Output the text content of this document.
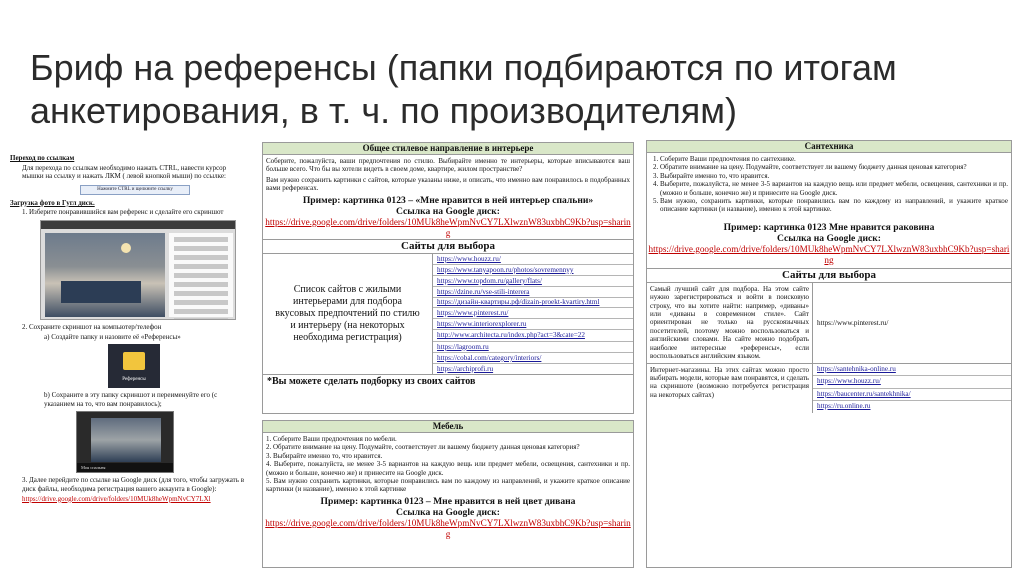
Бриф на референсы (папки подбираются по итогам анкетирования, в т. ч. по производителям)

Переход по ссылкам

Для перехода по ссылкам необходимо нажать CTRL, навести курсор мышки на ссылку и нажать ЛКМ ( левой кнопкой мыши) по ссылке:

Нажмите CTRL и щелкните ссылку

Загрузка фото в Гугл диск.

1. Изберите понравившийся вам референс и сделайте его скриншот

2. Сохраните скриншот на компьютер/телефон

а) Создайте папку и назовите её «Референсы»

Референсы

b) Сохраните в эту папку скриншот и переименуйте его (с указанием на то, что вам понравилось);

Моя спальня

3. Далее перейдите по ссылке на Google диск (для того, чтобы загружать в диск файлы, необходима регистрация вашего аккаунта в Google):

https://drive.google.com/drive/folders/10MUk8heWpmNvCY7LXl

Общее стилевое направление в интерьере
Соберите, пожалуйста, ваши предпочтения по стилю. Выбирайте именно те интерьеры, которые вписываются ваш больше всего. Что бы вы хотели видеть в своем доме, квартире, жилом пространстве?
Вам нужно сохранить картинки с сайтов, которые указаны ниже, и описать, что именно вам понравилось в подобранных вами референсах.
Пример: картинка 0123 – «Мне нравится в ней интерьер спальни»
Ссылка на Google диск:
https://drive.google.com/drive/folders/10MUk8heWpmNvCY7LXlwznW83uxbhC9Kb?usp=sharing
Сайты для выбора
Список сайтов с жилыми интерьерами для подбора вкусовых предпочтений по стилю и интерьеру (на некоторых необходима регистрация)
https://www.houzz.ru/
https://www.tanyapoon.ru/photos/sovremennyy
https://www.topdom.ru/gallery/flats/
https://dzine.ru/vse-stili-interera
https://дизайн-квартиры.рф/dizain-proekt-kvartiry.html
https://www.pinterest.ru/
https://www.interiorexplorer.ru
http://www.architecta.ru/index.php?act=3&cate=22
https://lagroom.ru
https://cobal.com/category/interiors/
https://archiprofi.ru
*Вы можете сделать подборку из своих сайтов
Мебель
1. Соберите Ваши предпочтения по мебели.
2. Обратите внимание на цену. Подумайте, соответствует ли вашему бюджету данная ценовая категория?
3. Выбирайте именно то, что нравится.
4. Выберите, пожалуйста, не менее 3-5 вариантов на каждую вещь или предмет мебели, освещения, сантехники и пр. (можно и больше, конечно же) и принесите на Google диск.
5. Вам нужно сохранить картинки, которые понравились вам по каждому из направлений, и укажите краткое описание картинки (и название), именно к этой картинке
Пример: картинка 0123 – Мне нравится в ней цвет дивана
Ссылка на Google диск:
https://drive.google.com/drive/folders/10MUk8heWpmNvCY7LXlwznW83uxbhC9Kb?usp=sharing
Сантехника
1. Соберите Ваши предпочтения по сантехнике.
2. Обратите внимание на цену. Подумайте, соответствует ли вашему бюджету данная ценовая категория?
3. Выбирайте именно то, что нравится.
4. Выберите, пожалуйста, не менее 3-5 вариантов на каждую вещь или предмет мебели, освещения, сантехники и пр. (можно и больше, конечно же) и принесите на Google диск.
5. Вам нужно, сохранить картинки, которые понравились вам по каждому из направлений, и укажите краткое описание картинки (и название), именно к этой картинке.
Пример: картинка 0123 Мне нравится раковина
Ссылка на Google диск:
https://drive.google.com/drive/folders/10MUk8heWpmNvCY7LXlwznW83uxbhC9Kb?usp=sharing
Сайты для выбора
Самый лучший сайт для подбора. На этом сайте нужно зарегистрироваться и войти в поисковую строку, что вы хотите найти: например, «диваны» или «диваны в современном стиле». Сайт ориентирован не только на русскоязычных посетителей, поэтому можно воспользоваться и английскими словами. На сайте можно подобрать наиболее интересные «референсы», если воспользоваться английским языком.
https://www.pinterest.ru/
Интернет-магазины. На этих сайтах можно просто выбирать модели, которые вам понравятся, и сделать на скриншоте (возможно потребуется регистрация на некоторых сайтах)
https://santehnika-online.ru
https://www.houzz.ru/
https://baucenter.ru/santekhnika/
https://ru.online.ru
